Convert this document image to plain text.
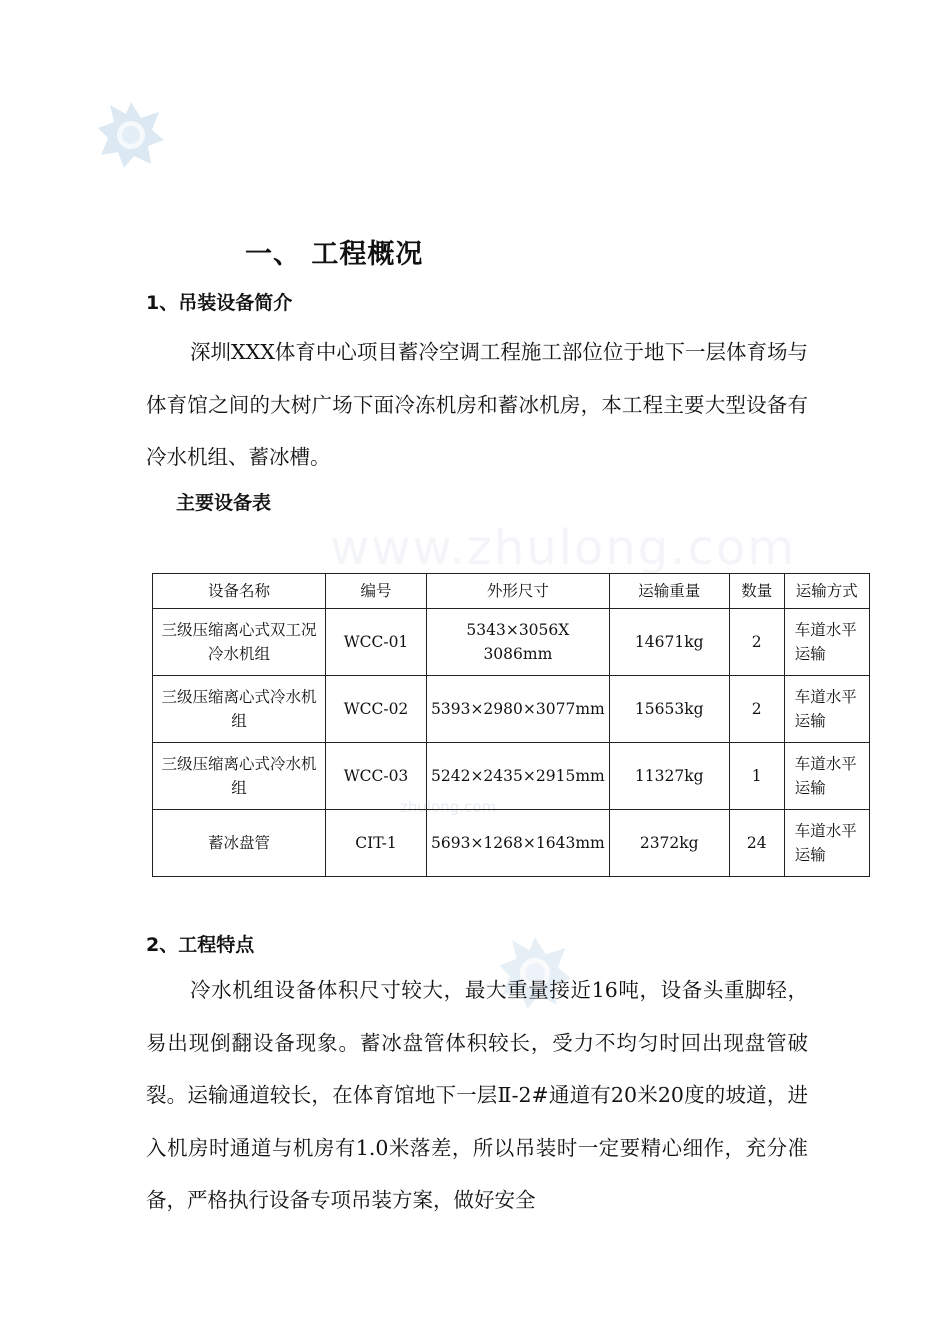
www.zhulong.com
zhulong.com
一、 工程概况
1、吊装设备简介

深圳XXX体育中心项目蓄冷空调工程施工部位位于地下一层体育场与体育馆之间的大树广场下面冷冻机房和蓄冰机房，本工程主要大型设备有冷水机组、蓄冰槽。

主要设备表
设备名称	编号	外形尺寸	运输重量	数量	运输方式
三级压缩离心式双工况冷水机组	WCC-01	5343×3056X 3086mm	14671kg	2	车道水平运输
三级压缩离心式冷水机组	WCC-02	5393×2980×3077mm	15653kg	2	车道水平运输
三级压缩离心式冷水机组	WCC-03	5242×2435×2915mm	11327kg	1	车道水平运输
蓄冰盘管	CIT-1	5693×1268×1643mm	2372kg	24	车道水平运输
2、工程特点

冷水机组设备体积尺寸较大，最大重量接近16吨，设备头重脚轻，易出现倒翻设备现象。蓄冰盘管体积较长，受力不均匀时回出现盘管破裂。运输通道较长，在体育馆地下一层Ⅱ-2#通道有20米20度的坡道，进入机房时通道与机房有1.0米落差，所以吊装时一定要精心细作，充分准备，严格执行设备专项吊装方案，做好安全
